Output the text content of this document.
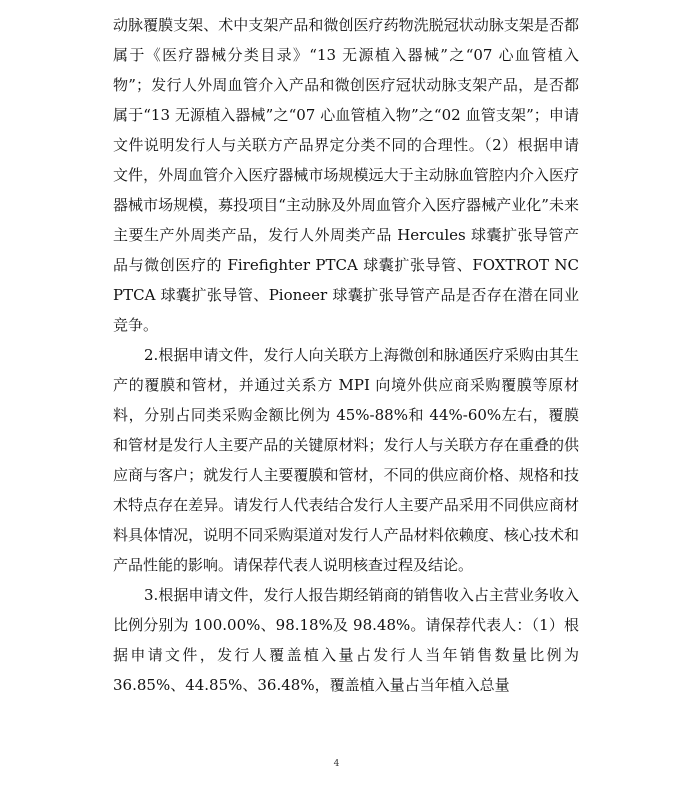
动脉覆膜支架、术中支架产品和微创医疗药物洗脱冠状动脉支架是否都属于《医疗器械分类目录》“13 无源植入器械”之“07 心血管植入物”；发行人外周血管介入产品和微创医疗冠状动脉支架产品，是否都属于“13 无源植入器械”之“07 心血管植入物”之“02 血管支架”；申请文件说明发行人与关联方产品界定分类不同的合理性。（2）根据申请文件，外周血管介入医疗器械市场规模远大于主动脉血管腔内介入医疗器械市场规模，募投项目“主动脉及外周血管介入医疗器械产业化”未来主要生产外周类产品，发行人外周类产品 Hercules 球囊扩张导管产品与微创医疗的 Firefighter PTCA 球囊扩张导管、FOXTROT NC PTCA 球囊扩张导管、Pioneer 球囊扩张导管产品是否存在潜在同业竞争。

2.根据申请文件，发行人向关联方上海微创和脉通医疗采购由其生产的覆膜和管材，并通过关系方 MPI 向境外供应商采购覆膜等原材料，分别占同类采购金额比例为 45%-88%和 44%-60%左右，覆膜和管材是发行人主要产品的关键原材料；发行人与关联方存在重叠的供应商与客户；就发行人主要覆膜和管材，不同的供应商价格、规格和技术特点存在差异。请发行人代表结合发行人主要产品采用不同供应商材料具体情况，说明不同采购渠道对发行人产品材料依赖度、核心技术和产品性能的影响。请保荐代表人说明核查过程及结论。

3.根据申请文件，发行人报告期经销商的销售收入占主营业务收入比例分别为 100.00%、98.18%及 98.48%。请保荐代表人：（1）根据申请文件，发行人覆盖植入量占发行人当年销售数量比例为 36.85%、44.85%、36.48%，覆盖植入量占当年植入总量

4
